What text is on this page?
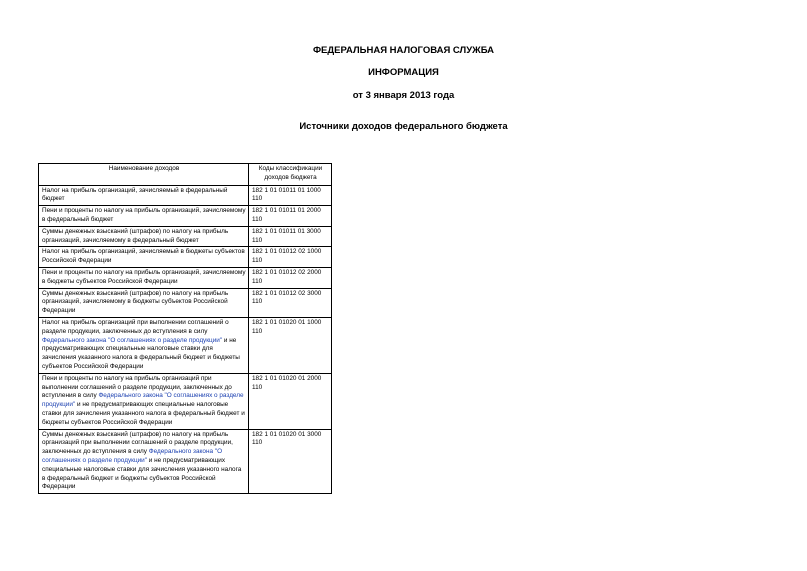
ФЕДЕРАЛЬНАЯ НАЛОГОВАЯ СЛУЖБА
ИНФОРМАЦИЯ
от 3 января 2013 года
Источники доходов федерального бюджета
Наименование доходов	Коды классификации доходов бюджета
Налог на прибыль организаций, зачисляемый в федеральный бюджет	182 1 01 01011 01 1000 110
Пени и проценты по налогу на прибыль организаций, зачисляемому в федеральный бюджет	182 1 01 01011 01 2000 110
Суммы денежных взысканий (штрафов) по налогу на прибыль организаций, зачисляемому в федеральный бюджет	182 1 01 01011 01 3000 110
Налог на прибыль организаций, зачисляемый в бюджеты субъектов Российской Федерации	182 1 01 01012 02 1000 110
Пени и проценты по налогу на прибыль организаций, зачисляемому в бюджеты субъектов Российской Федерации	182 1 01 01012 02 2000 110
Суммы денежных взысканий (штрафов) по налогу на прибыль организаций, зачисляемому в бюджеты субъектов Российской Федерации	182 1 01 01012 02 3000 110
Налог на прибыль организаций при выполнении соглашений о разделе продукции, заключенных до вступления в силу Федерального закона "О соглашениях о разделе продукции" и не предусматривающих специальные налоговые ставки для зачисления указанного налога в федеральный бюджет и бюджеты субъектов Российской Федерации	182 1 01 01020 01 1000 110
Пени и проценты по налогу на прибыль организаций при выполнении соглашений о разделе продукции, заключенных до вступления в силу Федерального закона "О соглашениях о разделе продукции" и не предусматривающих специальные налоговые ставки для зачисления указанного налога в федеральный бюджет и бюджеты субъектов Российской Федерации	182 1 01 01020 01 2000 110
Суммы денежных взысканий (штрафов) по налогу на прибыль организаций при выполнении соглашений о разделе продукции, заключенных до вступления в силу Федерального закона "О соглашениях о разделе продукции" и не предусматривающих специальные налоговые ставки для зачисления указанного налога в федеральный бюджет и бюджеты субъектов Российской Федерации	182 1 01 01020 01 3000 110
